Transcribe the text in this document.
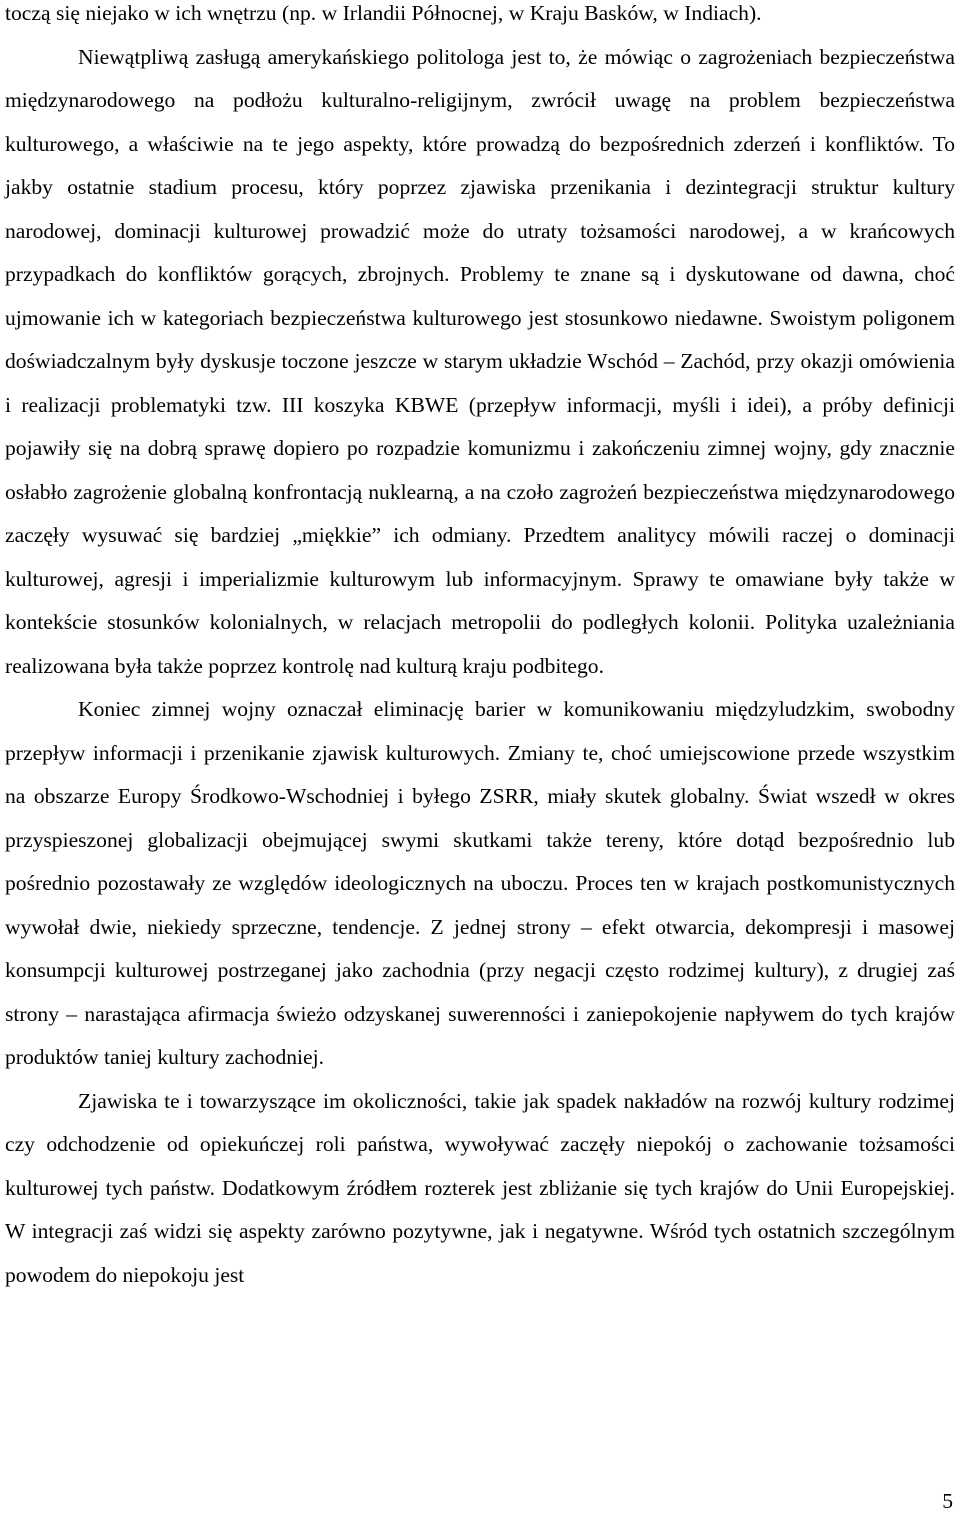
toczą się niejako w ich wnętrzu (np. w Irlandii Północnej, w Kraju Basków, w Indiach).

Niewątpliwą zasługą amerykańskiego politologa jest to, że mówiąc o zagrożeniach bezpieczeństwa międzynarodowego na podłożu kulturalno-religijnym, zwrócił uwagę na problem bezpieczeństwa kulturowego, a właściwie na te jego aspekty, które prowadzą do bezpośrednich zderzeń i konfliktów. To jakby ostatnie stadium procesu, który poprzez zjawiska przenikania i dezintegracji struktur kultury narodowej, dominacji kulturowej prowadzić może do utraty tożsamości narodowej, a w krańcowych przypadkach do konfliktów gorących, zbrojnych. Problemy te znane są i dyskutowane od dawna, choć ujmowanie ich w kategoriach bezpieczeństwa kulturowego jest stosunkowo niedawne. Swoistym poligonem doświadczalnym były dyskusje toczone jeszcze w starym układzie Wschód – Zachód, przy okazji omówienia i realizacji problematyki tzw. III koszyka KBWE (przepływ informacji, myśli i idei), a próby definicji pojawiły się na dobrą sprawę dopiero po rozpadzie komunizmu i zakończeniu zimnej wojny, gdy znacznie osłabło zagrożenie globalną konfrontacją nuklearną, a na czoło zagrożeń bezpieczeństwa międzynarodowego zaczęły wysuwać się bardziej „miękkie” ich odmiany. Przedtem analitycy mówili raczej o dominacji kulturowej, agresji i imperializmie kulturowym lub informacyjnym. Sprawy te omawiane były także w kontekście stosunków kolonialnych, w relacjach metropolii do podległych kolonii. Polityka uzależniania realizowana była także poprzez kontrolę nad kulturą kraju podbitego.

Koniec zimnej wojny oznaczał eliminację barier w komunikowaniu międzyludzkim, swobodny przepływ informacji i przenikanie zjawisk kulturowych. Zmiany te, choć umiejscowione przede wszystkim na obszarze Europy Środkowo-Wschodniej i byłego ZSRR, miały skutek globalny. Świat wszedł w okres przyspieszonej globalizacji obejmującej swymi skutkami także tereny, które dotąd bezpośrednio lub pośrednio pozostawały ze względów ideologicznych na uboczu. Proces ten w krajach postkomunistycznych wywołał dwie, niekiedy sprzeczne, tendencje. Z jednej strony – efekt otwarcia, dekompresji i masowej konsumpcji kulturowej postrzeganej jako zachodnia (przy negacji często rodzimej kultury), z drugiej zaś strony – narastająca afirmacja świeżo odzyskanej suwerenności i zaniepokojenie napływem do tych krajów produktów taniej kultury zachodniej.

Zjawiska te i towarzyszące im okoliczności, takie jak spadek nakładów na rozwój kultury rodzimej czy odchodzenie od opiekuńczej roli państwa, wywoływać zaczęły niepokój o zachowanie tożsamości kulturowej tych państw. Dodatkowym źródłem rozterek jest zbliżanie się tych krajów do Unii Europejskiej. W integracji zaś widzi się aspekty zarówno pozytywne, jak i negatywne. Wśród tych ostatnich szczególnym powodem do niepokoju jest

5
